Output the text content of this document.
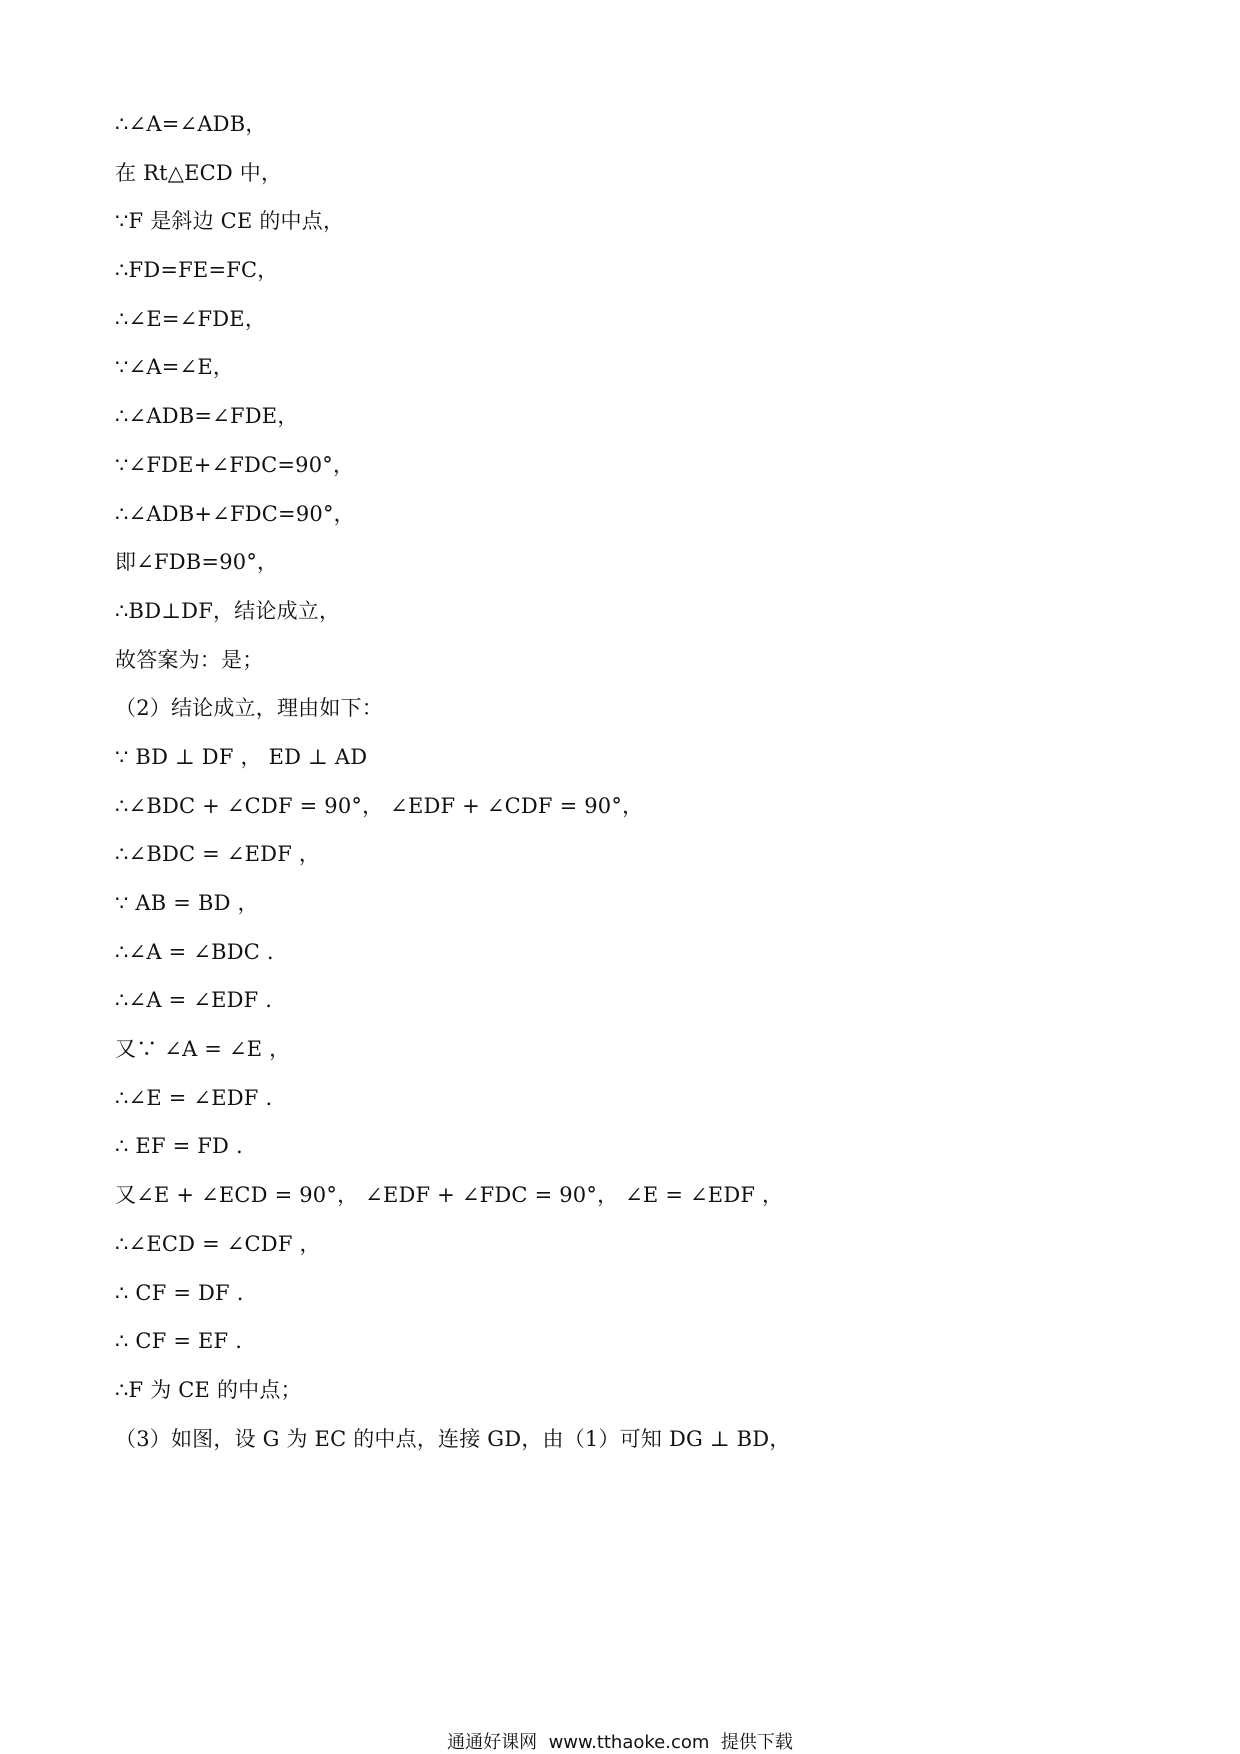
∴∠A=∠ADB，
在 Rt△ECD 中，
∵F 是斜边 CE 的中点，
∴FD=FE=FC，
∴∠E=∠FDE，
∵∠A=∠E，
∴∠ADB=∠FDE，
∵∠FDE+∠FDC=90°，
∴∠ADB+∠FDC=90°，
即∠FDB=90°，
∴BD⊥DF，结论成立，
故答案为：是；
（2）结论成立，理由如下：
∵ BD ⊥ DF ， ED ⊥ AD
∴∠BDC + ∠CDF = 90°， ∠EDF + ∠CDF = 90°，
∴∠BDC = ∠EDF ，
∵ AB = BD ，
∴∠A = ∠BDC .
∴∠A = ∠EDF .
又∵ ∠A = ∠E ，
∴∠E = ∠EDF .
∴ EF = FD .
又∠E + ∠ECD = 90°， ∠EDF + ∠FDC = 90°， ∠E = ∠EDF ，
∴∠ECD = ∠CDF ，
∴ CF = DF .
∴ CF = EF .
∴F 为 CE 的中点；
（3）如图，设 G 为 EC 的中点，连接 GD，由（1）可知 DG ⊥ BD，
通通好课网  www.tthaoke.com  提供下载
